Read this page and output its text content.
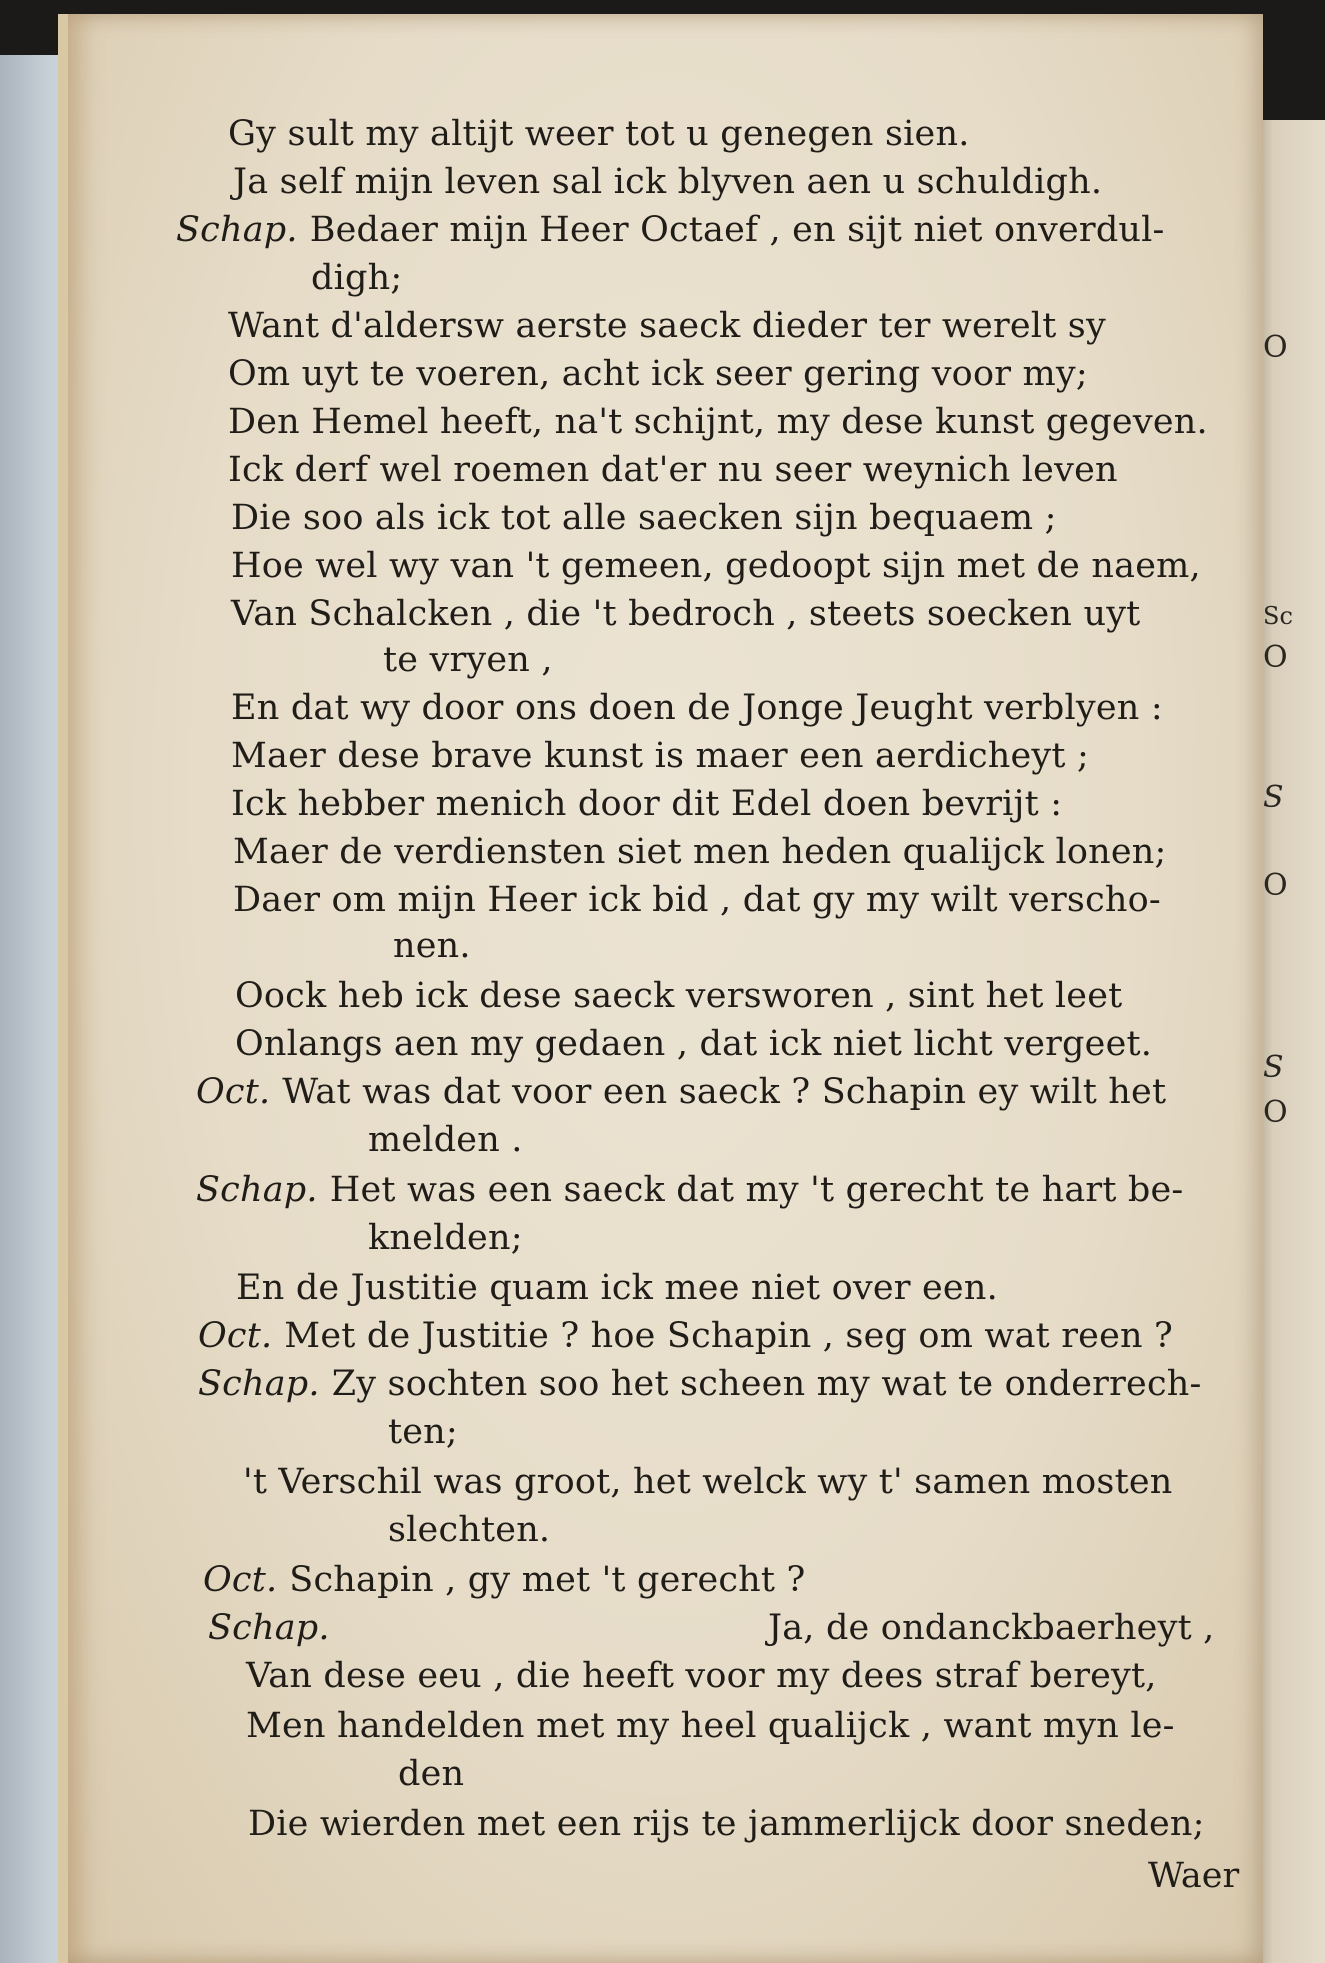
O
Sc
O
S
O
S
O
Gy sult my altijt weer tot u genegen sien.
Ja self mijn leven sal ick blyven aen u schuldigh.
Schap. Bedaer mijn Heer Octaef , en sijt niet onverdul-
digh;
Want d'aldersw aerste saeck dieder ter werelt sy
Om uyt te voeren, acht ick seer gering voor my;
Den Hemel heeft, na't schijnt, my dese kunst gegeven.
Ick derf wel roemen dat'er nu seer weynich leven
Die soo als ick tot alle saecken sijn bequaem ;
Hoe wel wy van 't gemeen, gedoopt sijn met de naem,
Van Schalcken , die 't bedroch , steets soecken uyt
te vryen ,
En dat wy door ons doen de Jonge Jeught verblyen :
Maer dese brave kunst is maer een aerdicheyt ;
Ick hebber menich door dit Edel doen bevrijt :
Maer de verdiensten siet men heden qualijck lonen;
Daer om mijn Heer ick bid , dat gy my wilt verscho-
nen.
Oock heb ick dese saeck versworen , sint het leet
Onlangs aen my gedaen , dat ick niet licht vergeet.
Oct. Wat was dat voor een saeck ? Schapin ey wilt het
melden .
Schap. Het was een saeck dat my 't gerecht te hart be-
knelden;
En de Justitie quam ick mee niet over een.
Oct. Met de Justitie ? hoe Schapin , seg om wat reen ?
Schap. Zy sochten soo het scheen my wat te onderrech-
ten;
't Verschil was groot, het welck wy t' samen mosten
slechten.
Oct. Schapin , gy met 't gerecht ?
Schap.	Ja, de ondanckbaerheyt ,
Van dese eeu , die heeft voor my dees straf bereyt,
Men handelden met my heel qualijck , want myn le-
den
Die wierden met een rijs te jammerlijck door sneden;
Waer
